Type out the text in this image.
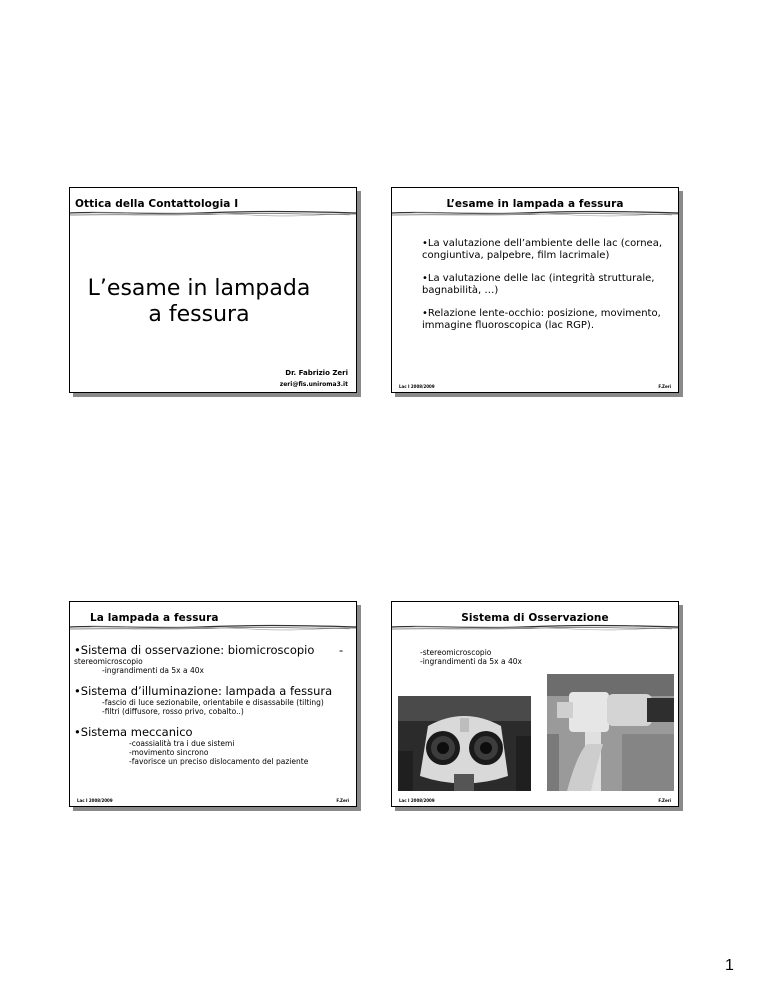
Ottica della Contattologia I
L’esame in lampada a fessura
Dr. Fabrizio Zeri
zeri@fis.uniroma3.it
L’esame in lampada a fessura

•La valutazione dell’ambiente delle lac (cornea, congiuntiva, palpebre, film lacrimale)

•La valutazione delle lac (integrità strutturale, bagnabilità, …)

•Relazione lente-occhio: posizione, movimento, immagine fluoroscopica (lac RGP).

Lac I 2008/2009	F.Zeri
La lampada a fessura
•Sistema di osservazione: biomicroscopio -
stereomicroscopio
-ingrandimenti da 5x a 40x
•Sistema d’illuminazione: lampada a fessura
-fascio di luce sezionabile, orientabile e disassabile (tilting)
-filtri (diffusore, rosso privo, cobalto..)
•Sistema meccanico
-coassialità tra i due sistemi
-movimento sincrono
-favorisce un preciso dislocamento del paziente
Lac I 2008/2009	F.Zeri
Sistema di Osservazione
-stereomicroscopio
-ingrandimenti da 5x a 40x
Lac I 2008/2009	F.Zeri
1
